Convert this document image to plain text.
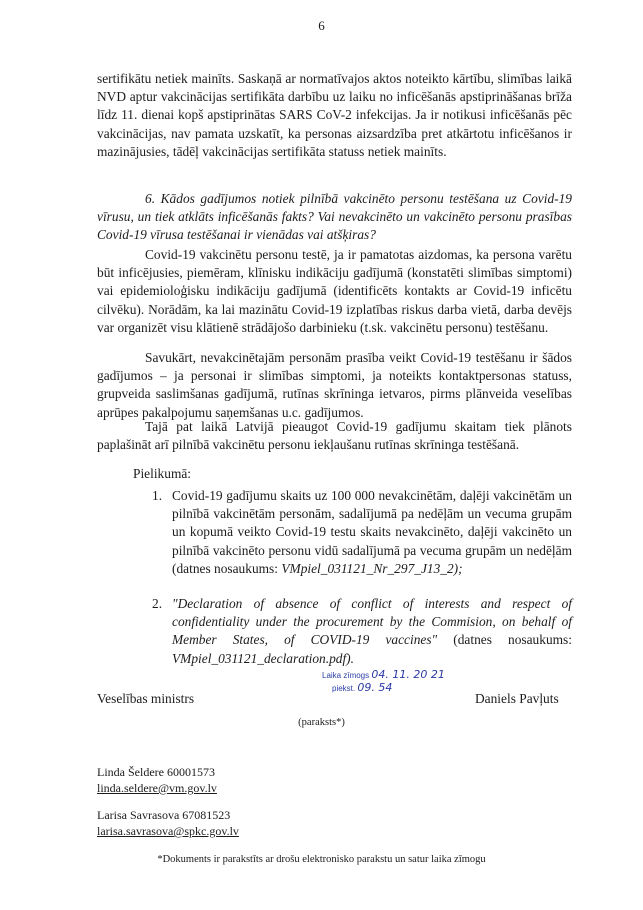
6
sertifikātu netiek mainīts. Saskaņā ar normatīvajos aktos noteikto kārtību, slimības laikā NVD aptur vakcinācijas sertifikāta darbību uz laiku no inficēšanās apstiprināšanas brīža līdz 11. dienai kopš apstiprinātas SARS CoV-2 infekcijas. Ja ir notikusi inficēšanās pēc vakcinācijas, nav pamata uzskatīt, ka personas aizsardzība pret atkārtotu inficēšanos ir mazinājusies, tādēļ vakcinācijas sertifikāta statuss netiek mainīts.
6. Kādos gadījumos notiek pilnībā vakcinēto personu testēšana uz Covid-19 vīrusu, un tiek atklāts inficēšanās fakts? Vai nevakcinēto un vakcinēto personu prasības Covid-19 vīrusa testēšanai ir vienādas vai atšķiras?
Covid-19 vakcinētu personu testē, ja ir pamatotas aizdomas, ka persona varētu būt inficējusies, piemēram, klīnisku indikāciju gadījumā (konstatēti slimības simptomi) vai epidemioloģisku indikāciju gadījumā (identificēts kontakts ar Covid-19 inficētu cilvēku). Norādām, ka lai mazinātu Covid-19 izplatības riskus darba vietā, darba devējs var organizēt visu klātienē strādājošo darbinieku (t.sk. vakcinētu personu) testēšanu.
Savukārt, nevakcinētajām personām prasība veikt Covid-19 testēšanu ir šādos gadījumos – ja personai ir slimības simptomi, ja noteikts kontaktpersonas statuss, grupveida saslimšanas gadījumā, rutīnas skrīninga ietvaros, pirms plānveida veselības aprūpes pakalpojumu saņemšanas u.c. gadījumos.
Tajā pat laikā Latvijā pieaugot Covid-19 gadījumu skaitam tiek plānots paplašināt arī pilnībā vakcinētu personu iekļaušanu rutīnas skrīninga testēšanā.
Pielikumā:
1. Covid-19 gadījumu skaits uz 100 000 nevakcinētām, daļēji vakcinētām un pilnībā vakcinētām personām, sadalījumā pa nedēļām un vecuma grupām un kopumā veikto Covid-19 testu skaits nevakcinēto, daļēji vakcinēto un pilnībā vakcinēto personu vidū sadalījumā pa vecuma grupām un nedēļām (datnes nosaukums: VMpiel_031121_Nr_297_J13_2);
2. "Declaration of absence of conflict of interests and respect of confidentiality under the procurement by the Commision, on behalf of Member States, of COVID-19 vaccines" (datnes nosaukums: VMpiel_031121_declaration.pdf).
Laika zīmogs 04. 11. 20 21
piekst. 09. 54
Veselības ministrs	Daniels Pavļuts
(paraksts*)
Linda Šeldere 60001573
linda.seldere@vm.gov.lv
Larisa Savrasova 67081523
larisa.savrasova@spkc.gov.lv
*Dokuments ir parakstīts ar drošu elektronisko parakstu un satur laika zīmogu
